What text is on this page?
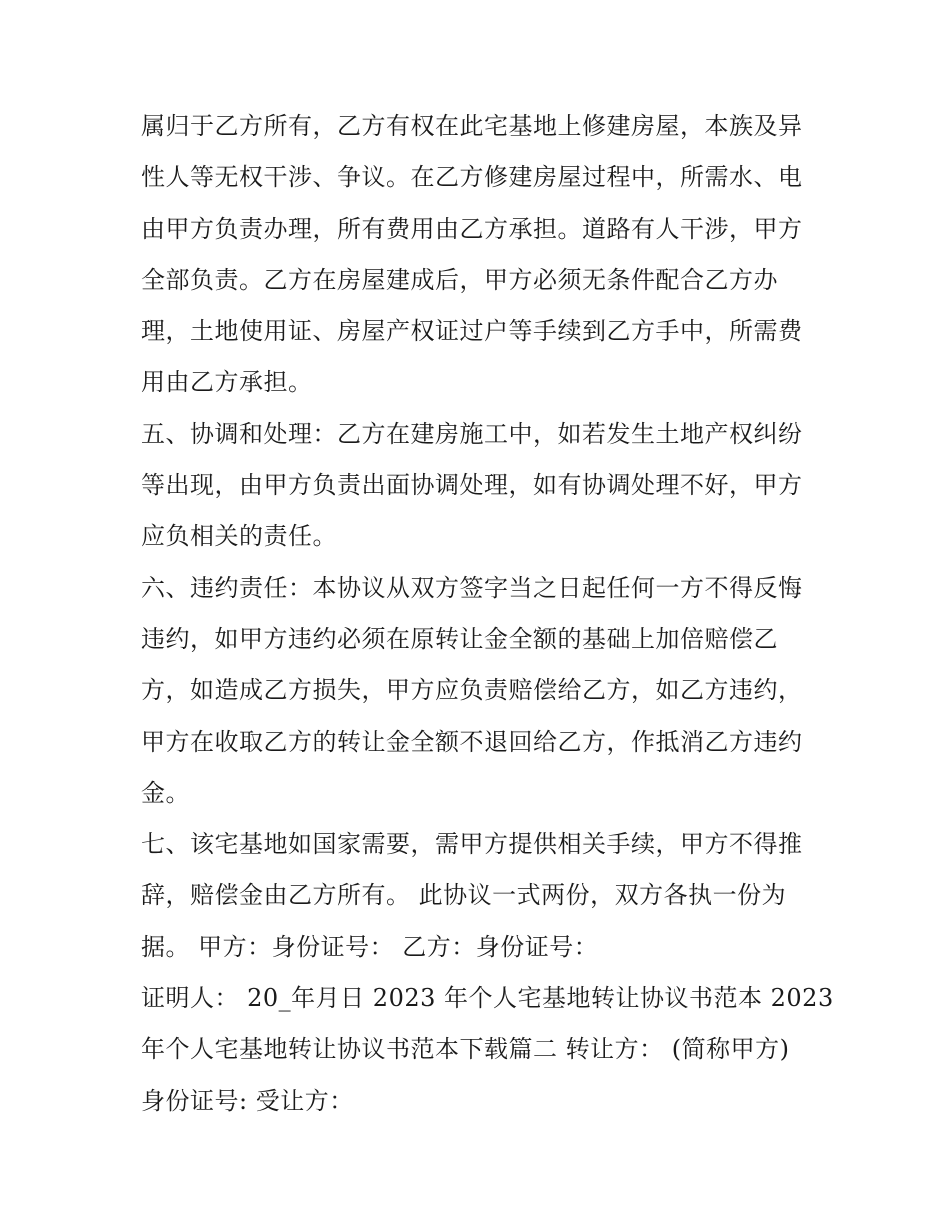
属归于乙方所有，乙方有权在此宅基地上修建房屋，本族及异
性人等无权干涉、争议。在乙方修建房屋过程中，所需水、电
由甲方负责办理，所有费用由乙方承担。道路有人干涉，甲方
全部负责。乙方在房屋建成后，甲方必须无条件配合乙方办
理，土地使用证、房屋产权证过户等手续到乙方手中，所需费
用由乙方承担。
五、协调和处理：乙方在建房施工中，如若发生土地产权纠纷
等出现，由甲方负责出面协调处理，如有协调处理不好，甲方
应负相关的责任。
六、违约责任：本协议从双方签字当之日起任何一方不得反悔
违约，如甲方违约必须在原转让金全额的基础上加倍赔偿乙
方，如造成乙方损失，甲方应负责赔偿给乙方，如乙方违约，
甲方在收取乙方的转让金全额不退回给乙方，作抵消乙方违约
金。
七、该宅基地如国家需要，需甲方提供相关手续，甲方不得推
辞，赔偿金由乙方所有。 此协议一式两份，双方各执一份为
据。 甲方：身份证号： 乙方：身份证号：
证明人： 20_年月日 2023 年个人宅基地转让协议书范本 2023
年个人宅基地转让协议书范本下载篇二 转让方： (简称甲方)
身份证号: 受让方：
